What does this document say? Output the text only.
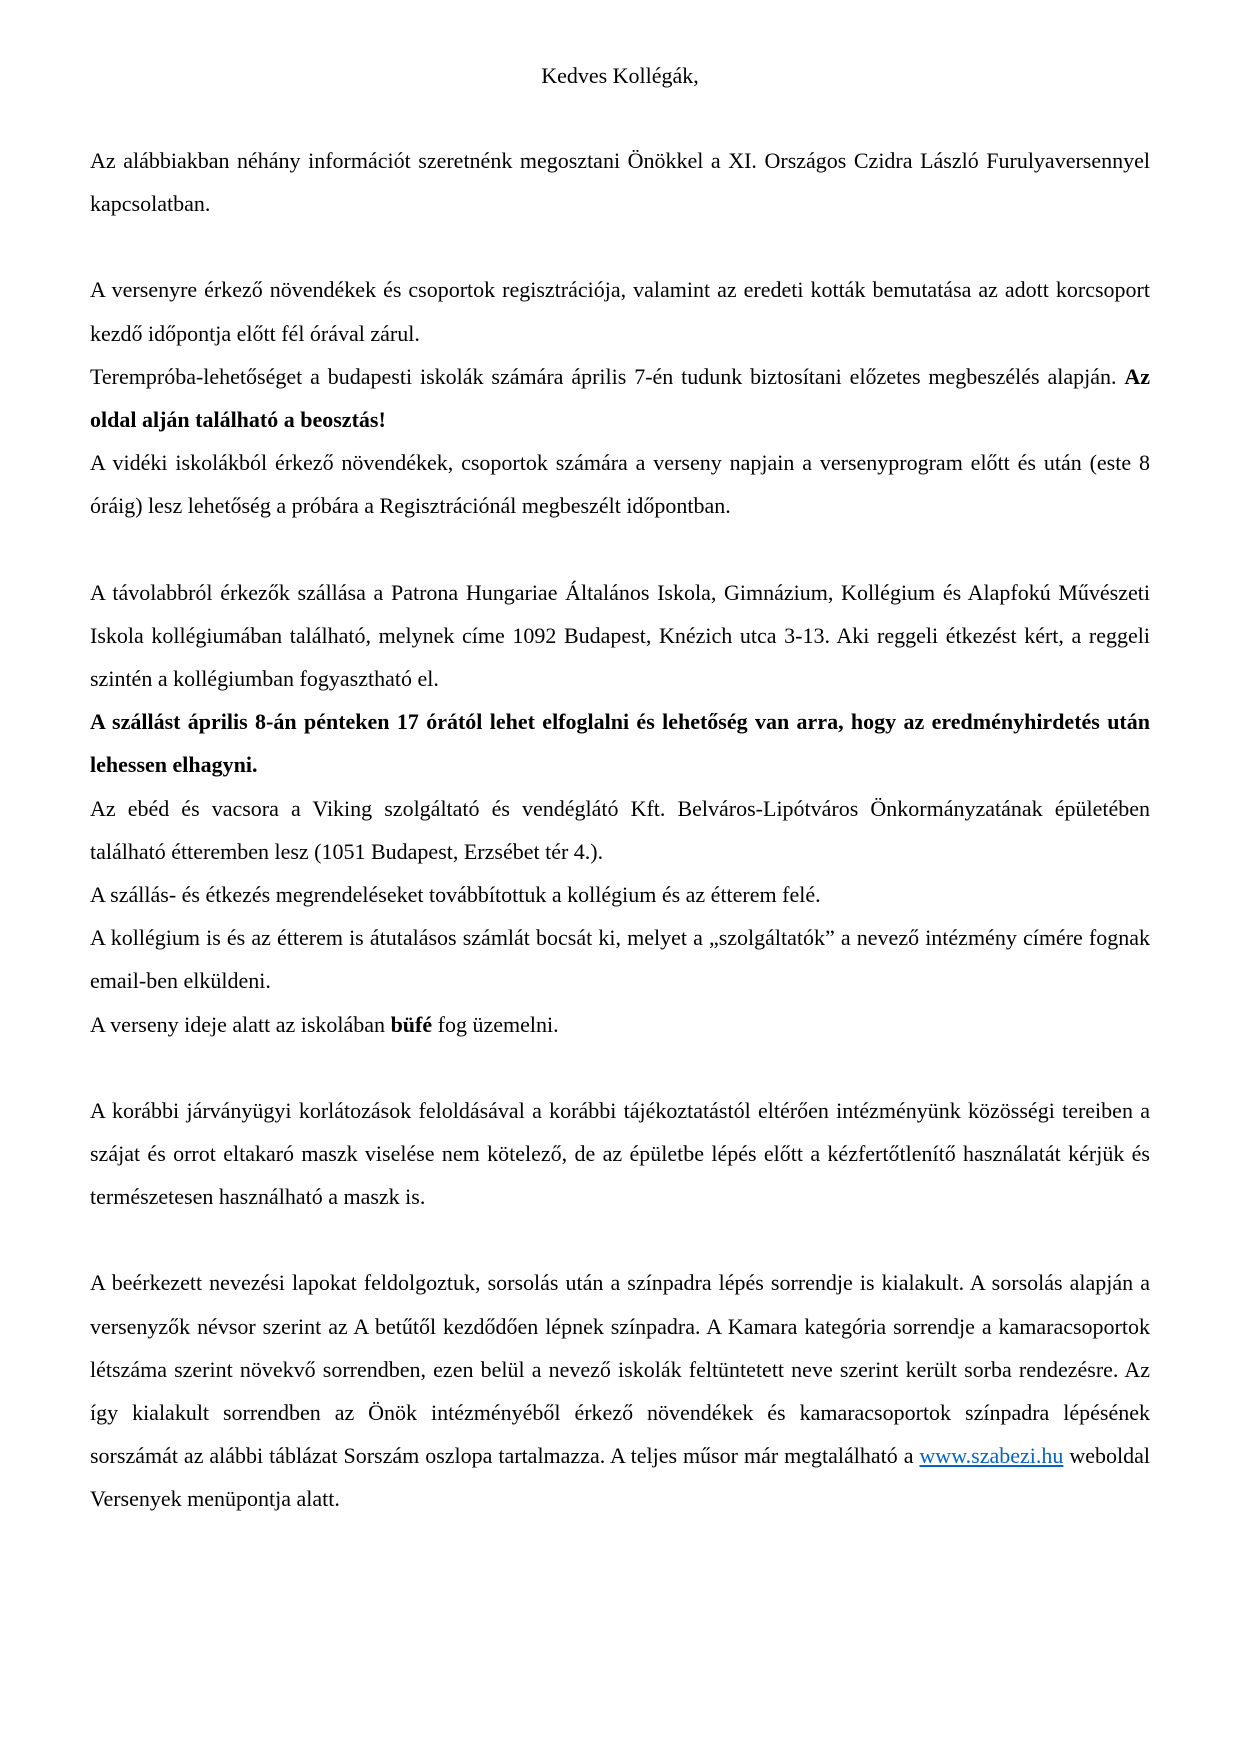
Kedves Kollégák,

Az alábbiakban néhány információt szeretnénk megosztani Önökkel a XI. Országos Czidra László Furulyaversennyel kapcsolatban.

A versenyre érkező növendékek és csoportok regisztrációja, valamint az eredeti kották bemutatása az adott korcsoport kezdő időpontja előtt fél órával zárul.

Terempróba-lehetőséget a budapesti iskolák számára április 7-én tudunk biztosítani előzetes megbeszélés alapján. Az oldal alján található a beosztás!

A vidéki iskolákból érkező növendékek, csoportok számára a verseny napjain a versenyprogram előtt és után (este 8 óráig) lesz lehetőség a próbára a Regisztrációnál megbeszélt időpontban.

A távolabbról érkezők szállása a Patrona Hungariae Általános Iskola, Gimnázium, Kollégium és Alapfokú Művészeti Iskola kollégiumában található, melynek címe 1092 Budapest, Knézich utca 3-13. Aki reggeli étkezést kért, a reggeli szintén a kollégiumban fogyasztható el.

A szállást április 8-án pénteken 17 órától lehet elfoglalni és lehetőség van arra, hogy az eredményhirdetés után lehessen elhagyni.

Az ebéd és vacsora a Viking szolgáltató és vendéglátó Kft. Belváros-Lipótváros Önkormányzatának épületében található étteremben lesz (1051 Budapest, Erzsébet tér 4.).

A szállás- és étkezés megrendeléseket továbbítottuk a kollégium és az étterem felé.

A kollégium is és az étterem is átutalásos számlát bocsát ki, melyet a „szolgáltatók” a nevező intézmény címére fognak email-ben elküldeni.

A verseny ideje alatt az iskolában büfé fog üzemelni.

A korábbi járványügyi korlátozások feloldásával a korábbi tájékoztatástól eltérően intézményünk közösségi tereiben a szájat és orrot eltakaró maszk viselése nem kötelező, de az épületbe lépés előtt a kézfertőtlenítő használatát kérjük és természetesen használható a maszk is.

A beérkezett nevezési lapokat feldolgoztuk, sorsolás után a színpadra lépés sorrendje is kialakult. A sorsolás alapján a versenyzők névsor szerint az A betűtől kezdődően lépnek színpadra. A Kamara kategória sorrendje a kamaracsoportok létszáma szerint növekvő sorrendben, ezen belül a nevező iskolák feltüntetett neve szerint került sorba rendezésre. Az így kialakult sorrendben az Önök intézményéből érkező növendékek és kamaracsoportok színpadra lépésének sorszámát az alábbi táblázat Sorszám oszlopa tartalmazza. A teljes műsor már megtalálható a www.szabezi.hu weboldal Versenyek menüpontja alatt.
